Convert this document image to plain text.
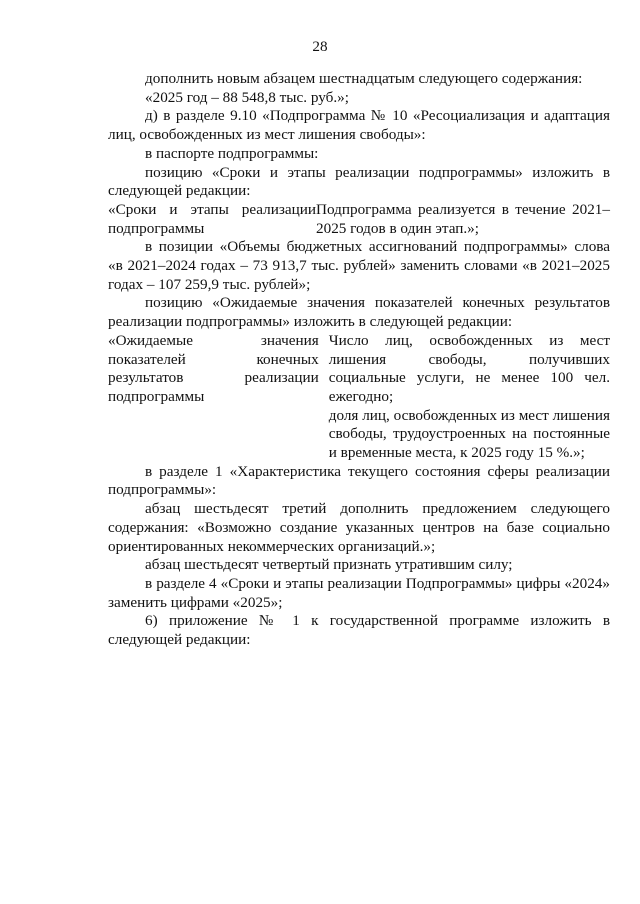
28

дополнить новым абзацем шестнадцатым следующего содержания:

«2025 год – 88 548,8 тыс. руб.»;

д) в разделе 9.10 «Подпрограмма № 10 «Ресоциализация и адаптация лиц, освобожденных из мест лишения свободы»:

в паспорте подпрограммы:

позицию «Сроки и этапы реализации подпрограммы» изложить в следующей редакции:

«Сроки и этапы реализации подпрограммы
Подпрограмма реализуется в течение 2021–2025 годов в один этап.»;

в позиции «Объемы бюджетных ассигнований подпрограммы» слова «в 2021–2024 годах – 73 913,7 тыс. рублей» заменить словами «в 2021–2025 годах – 107 259,9 тыс. рублей»;

позицию «Ожидаемые значения показателей конечных результатов реализации подпрограммы» изложить в следующей редакции:

«Ожидаемые значения
показателей конечных
результатов реализации
подпрограммы

Число лиц, освобожденных из мест лишения свободы, получивших социальные услуги, не менее 100 чел. ежегодно;

доля лиц, освобожденных из мест лишения свободы, трудоустроенных на постоянные и временные места, к 2025 году 15 %.»;

в разделе 1 «Характеристика текущего состояния сферы реализации подпрограммы»:

абзац шестьдесят третий дополнить предложением следующего содержания: «Возможно создание указанных центров на базе социально ориентированных некоммерческих организаций.»;

абзац шестьдесят четвертый признать утратившим силу;

в разделе 4 «Сроки и этапы реализации Подпрограммы» цифры «2024» заменить цифрами «2025»;

6) приложение № 1 к государственной программе изложить в следующей редакции:
